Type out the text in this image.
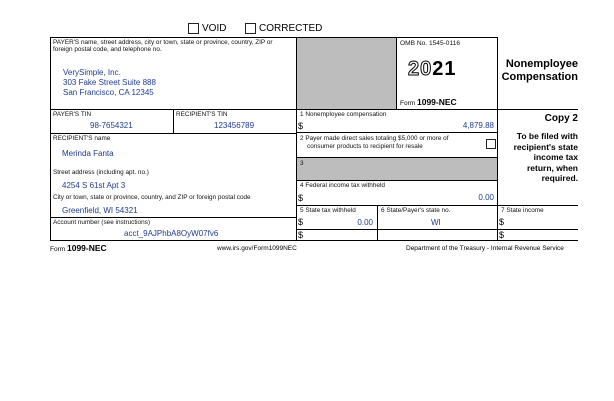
VOID	CORRECTED
PAYER'S name, street address, city or town, state or province, country, ZIP or foreign postal code, and telephone no.
VerySimple, Inc.
303 Fake Street Suite 888
San Francisco, CA 12345
OMB No. 1545-0116
2021
Form 1099-NEC
Nonemployee
Compensation
PAYER'S TIN
98-7654321
RECIPIENT'S TIN
123456789
1 Nonemployee compensation
$	4,879.88
Copy 2
To be filed with
recipient's state
income tax
return, when
required.
RECIPIENT'S name
Merinda Fanta
Street address (including apt. no.)
4254 S 61st Apt 3
City or town, state or province, country, and ZIP or foreign postal code
Greenfield, WI 54321
2 Payer made direct sales totaling $5,000 or more of
consumer products to recipient for resale
3
4 Federal income tax withheld
$	0.00
Account number (see instructions)
acct_9AJPhbA8OyW07fv6
5 State tax withheld
$	0.00
$
6 State/Payer's state no.
WI
7 State income
$
$
Form 1099-NEC	www.irs.gov/Form1099NEC	Department of the Treasury - Internal Revenue Service
